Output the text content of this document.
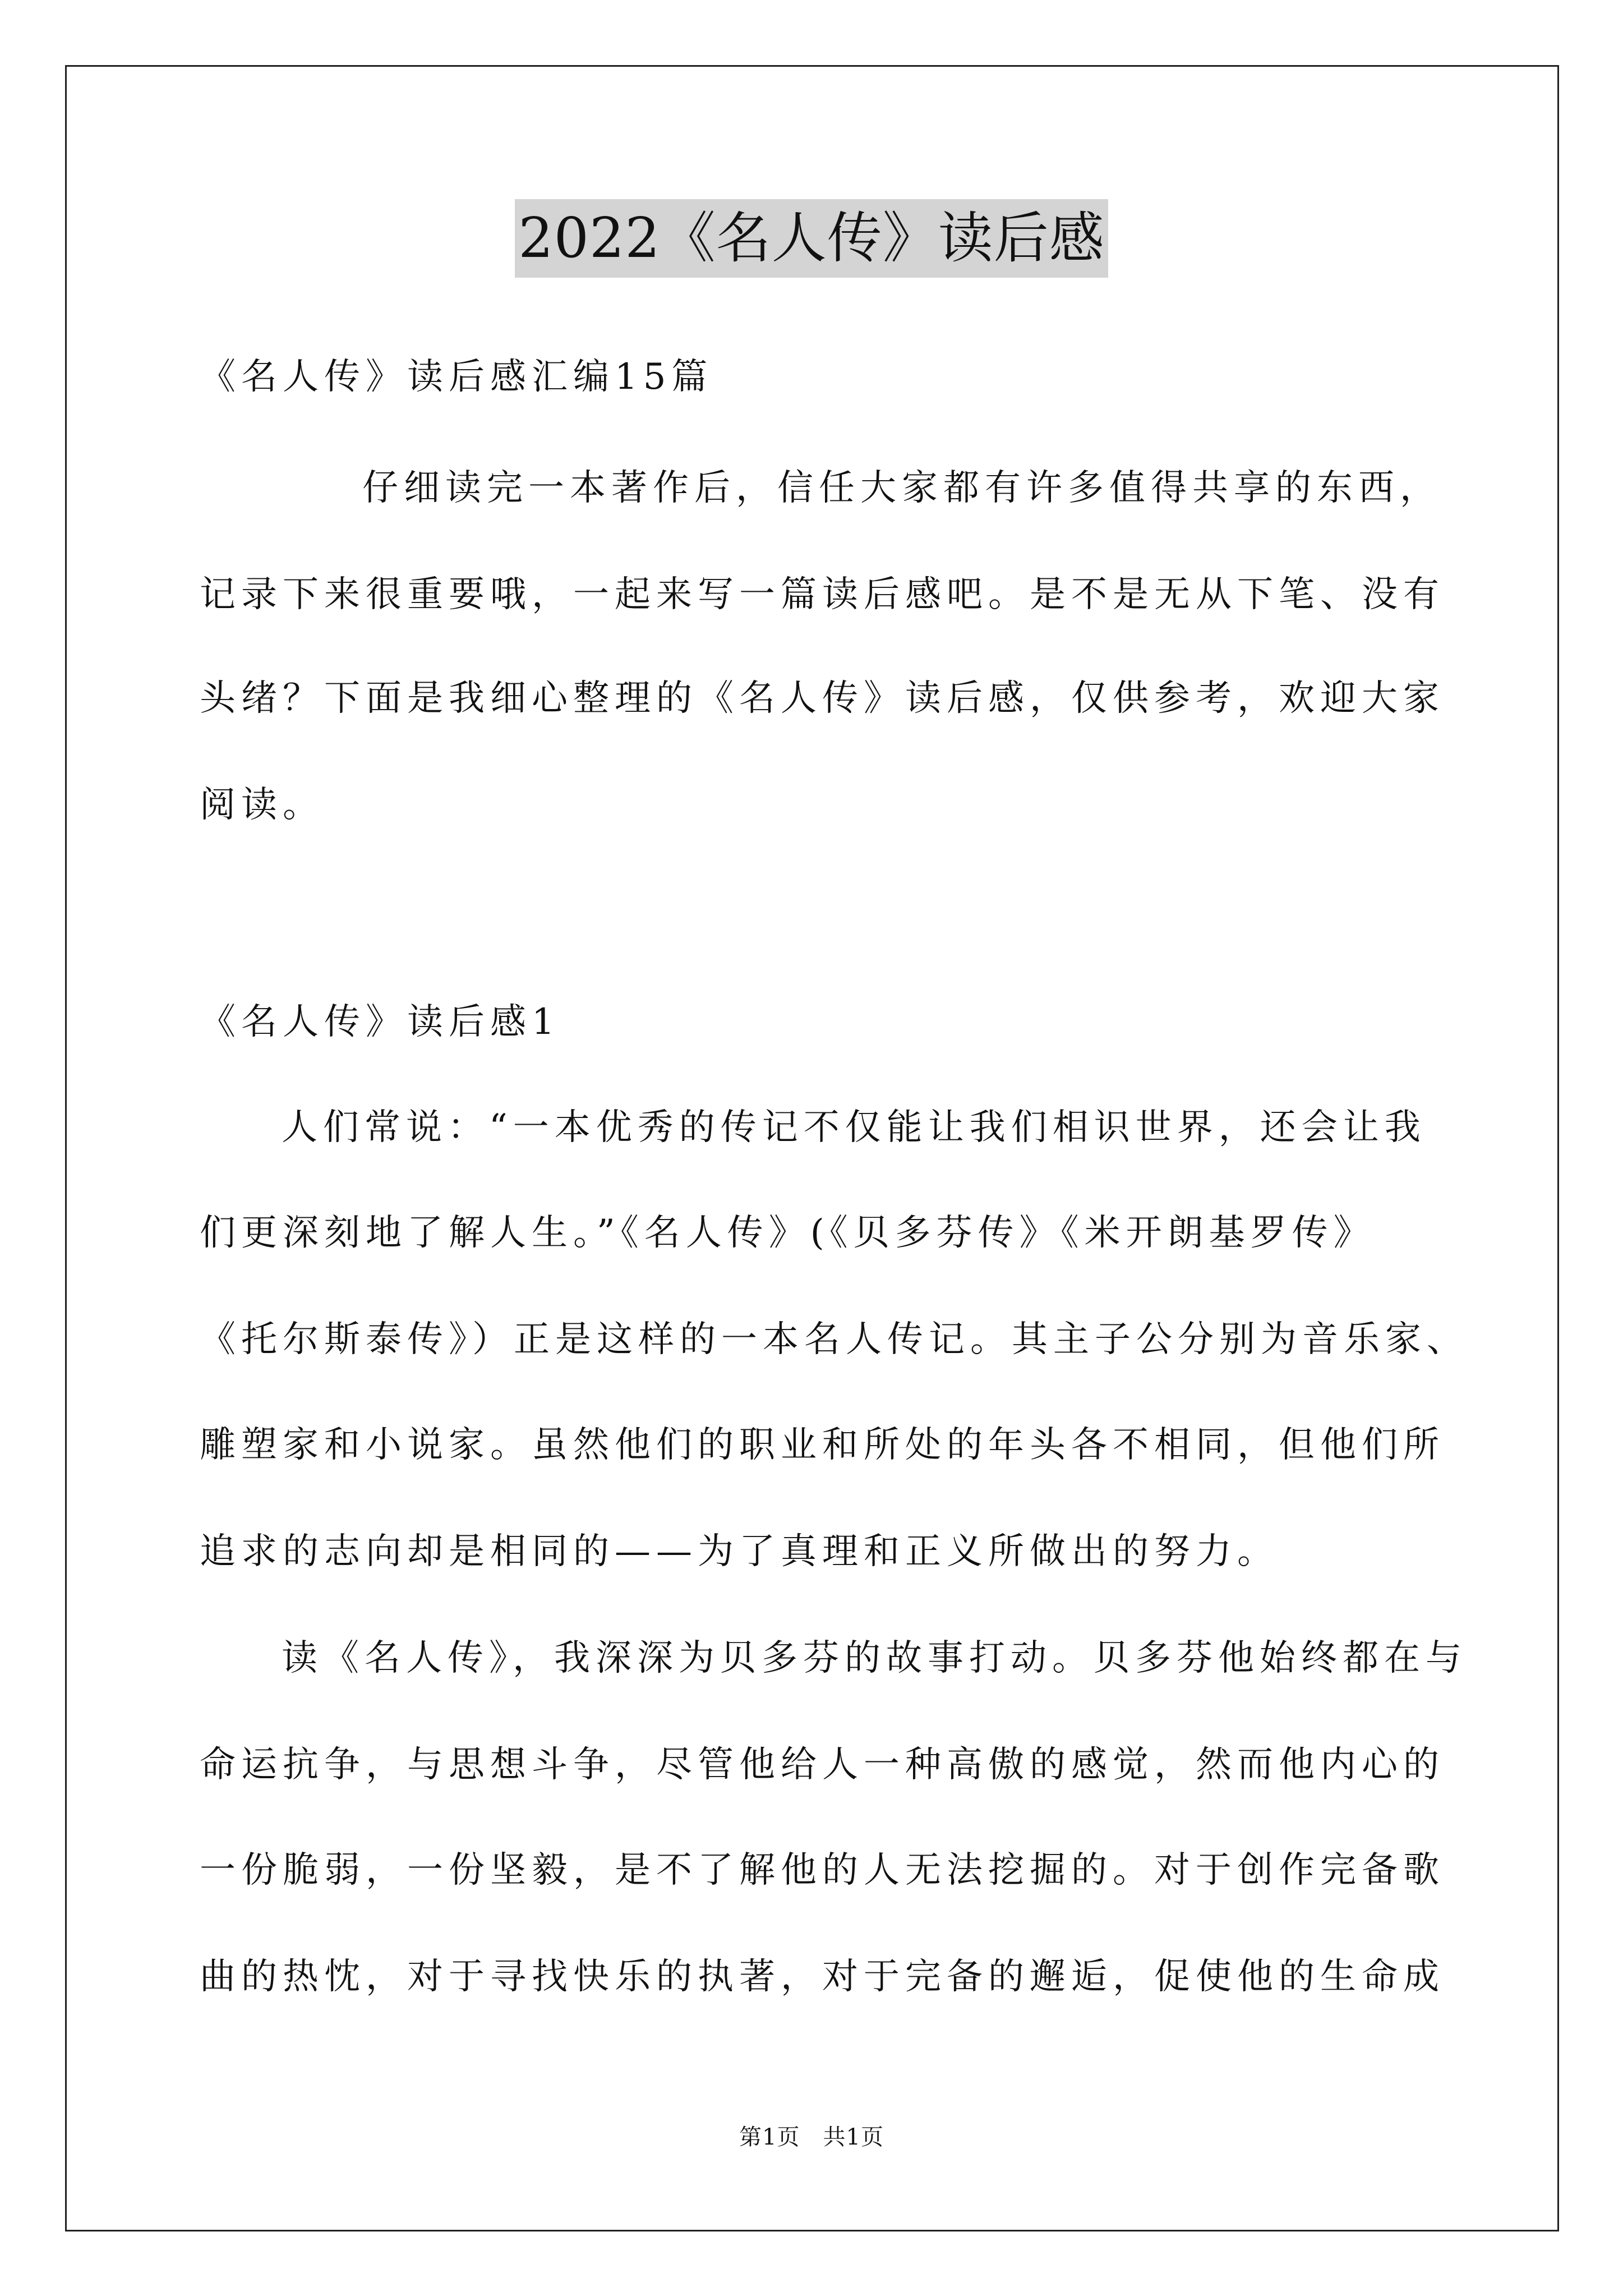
2022《名人传》读后感
《名人传》读后感汇编15篇
仔细读完一本著作后，信任大家都有许多值得共享的东西，
记录下来很重要哦，一起来写一篇读后感吧。是不是无从下笔、没有
头绪？下面是我细心整理的《名人传》读后感，仅供参考，欢迎大家
阅读。
《名人传》读后感1
人们常说：“一本优秀的传记不仅能让我们相识世界，还会让我
们更深刻地了解人生。”《名人传》(《贝多芬传》《米开朗基罗传》
《托尔斯泰传》）正是这样的一本名人传记。其主子公分别为音乐家、
雕塑家和小说家。虽然他们的职业和所处的年头各不相同，但他们所
追求的志向却是相同的——为了真理和正义所做出的努力。
读《名人传》，我深深为贝多芬的故事打动。贝多芬他始终都在与
命运抗争，与思想斗争，尽管他给人一种高傲的感觉，然而他内心的
一份脆弱，一份坚毅，是不了解他的人无法挖掘的。对于创作完备歌
曲的热忱，对于寻找快乐的执著，对于完备的邂逅，促使他的生命成
第1页　共1页
